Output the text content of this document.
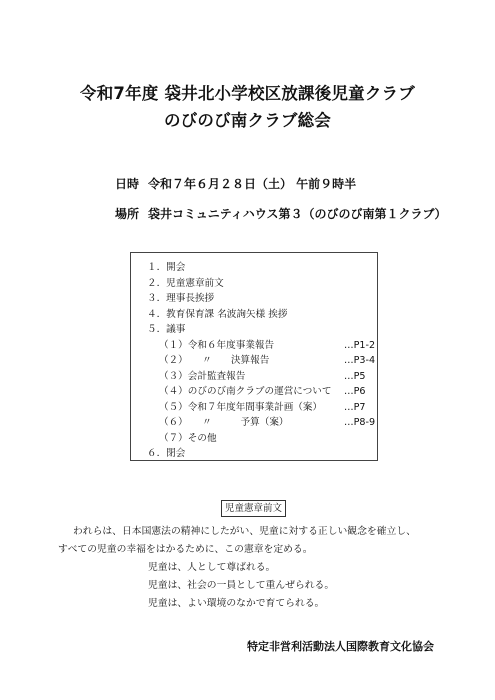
令和7年度 袋井北小学校区放課後児童クラブ
のびのび南クラブ総会
日時 令和７年６月２８日（土） 午前９時半
場所 袋井コミュニティハウス第３（のびのび南第１クラブ）
１．開会
２．児童憲章前文
３．理事長挨拶
４．教育保育課 名波詢矢様 挨拶
５．議事
（１）令和６年度事業報告	…P1-2
（２）　　〃　　決算報告	…P3-4
（３）会計監査報告	…P5
（４）のびのび南クラブの運営について …P6
（５）令和７年度年間事業計画（案） …P7
（６）　　〃　　　予算（案）	…P8-9
（７）その他
６．閉会
児童憲章前文
われらは、日本国憲法の精神にしたがい、児童に対する正しい観念を確立し、
すべての児童の幸福をはかるために、この憲章を定める。
児童は、人として尊ばれる。
児童は、社会の一員として重んぜられる。
児童は、よい環境のなかで育てられる。
特定非営利活動法人国際教育文化協会
